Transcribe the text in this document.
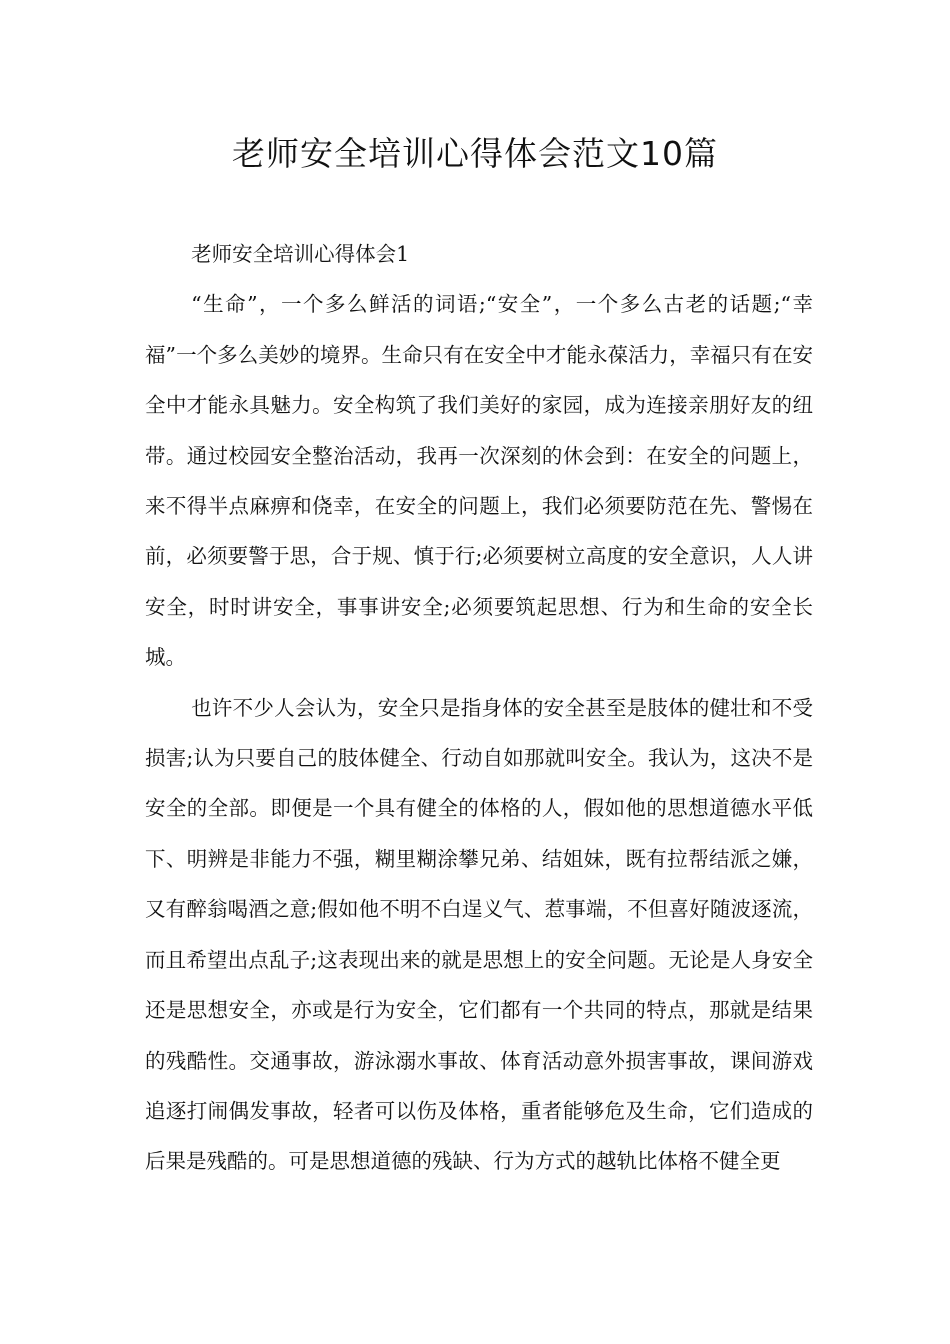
老师安全培训心得体会范文10篇

老师安全培训心得体会1

“生命”，一个多么鲜活的词语;“安全”，一个多么古老的话题;“幸福”一个多么美妙的境界。生命只有在安全中才能永葆活力，幸福只有在安全中才能永具魅力。安全构筑了我们美好的家园，成为连接亲朋好友的纽带。通过校园安全整治活动，我再一次深刻的休会到：在安全的问题上，来不得半点麻痹和侥幸，在安全的问题上，我们必须要防范在先、警惕在前，必须要警于思，合于规、慎于行;必须要树立高度的安全意识，人人讲安全，时时讲安全，事事讲安全;必须要筑起思想、行为和生命的安全长城。

也许不少人会认为，安全只是指身体的安全甚至是肢体的健壮和不受损害;认为只要自己的肢体健全、行动自如那就叫安全。我认为，这决不是安全的全部。即便是一个具有健全的体格的人，假如他的思想道德水平低下、明辨是非能力不强，糊里糊涂攀兄弟、结姐妹，既有拉帮结派之嫌，又有醉翁喝酒之意;假如他不明不白逞义气、惹事端，不但喜好随波逐流，而且希望出点乱子;这表现出来的就是思想上的安全问题。无论是人身安全还是思想安全，亦或是行为安全，它们都有一个共同的特点，那就是结果的残酷性。交通事故，游泳溺水事故、体育活动意外损害事故，课间游戏追逐打闹偶发事故，轻者可以伤及体格，重者能够危及生命，它们造成的后果是残酷的。可是思想道德的残缺、行为方式的越轨比体格不健全更
